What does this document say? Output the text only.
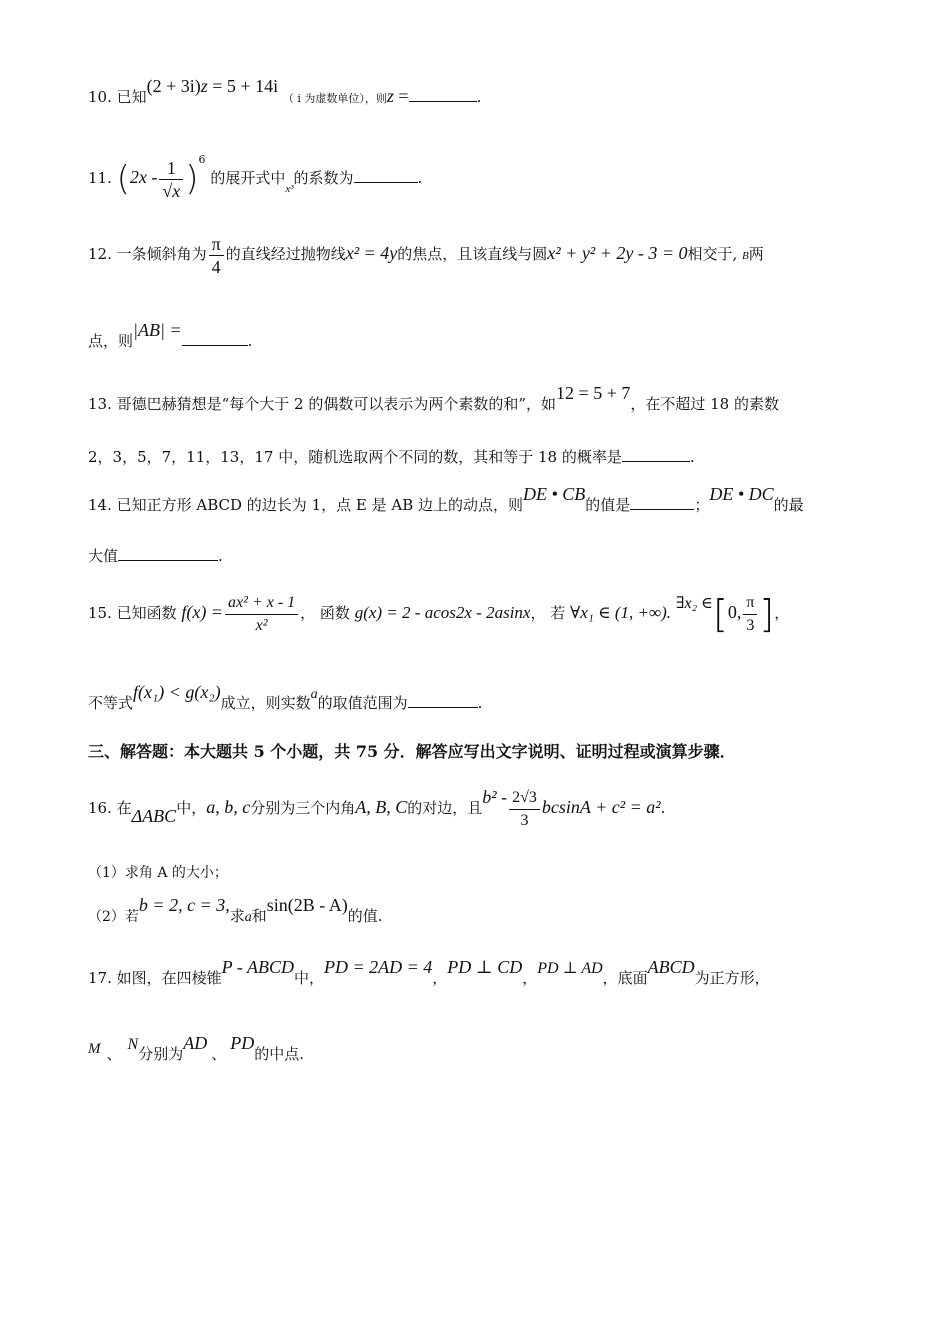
10. 已知(2 + 3i)z = 5 + 14i （ i 为虚数单位），则z =	.
11. $(2x - \frac{1}{√x} )^6$ 的展开式中$_{x^3}$的系数为	.
12. 一条倾斜角为 $\frac{\pi}{4}$ 的直线经过抛物线x² = 4y的焦点，且该直线与圆x² + y² + 2y - 3 = 0相交于, B两
点，则|AB| =.
13. 哥德巴赫猜想是“每个大于 2 的偶数可以表示为两个素数的和”，如12 = 5 + 7，在不超过 18 的素数
2，3，5，7，11，13，17 中，随机选取两个不同的数，其和等于 18 的概率是	.
14. 已知正方形 ABCD 的边长为 1，点 E 是 AB 边上的动点，则DE • CB的值是	；DE • DC的最
大值	.
15. 已知函数 $f(x) = \frac{\text{ax² + x - 1}}{\text{x²}}$ ， 函数 g(x) = 2 - acos2x - 2asinx， 若 ∀x₁ ∈ (1, +∞). ∃x₂ ∈[0, $\frac{\pi}{3}$ ]，
不等式f(x₁) < g(x₂)成立，则实数a的取值范围为	.
三、解答题：本大题共 5 个小题，共 75 分．解答应写出文字说明、证明过程或演算步骤．
16. 在ΔABC中，a, b, c分别为三个内角A, B, C的对边，且$b^2 - \frac{2√3}{3}$ bcsinA + c² = a².
（1）求角 A 的大小；
（2）若b = 2, c = 3,求a和sin(2B - A)的值.
17. 如图，在四棱锥P - ABCD中，PD = 2AD = 4，PD ⊥ CD，PD ⊥ AD，底面ABCD为正方形，
M 、N分别为AD、PD的中点.
